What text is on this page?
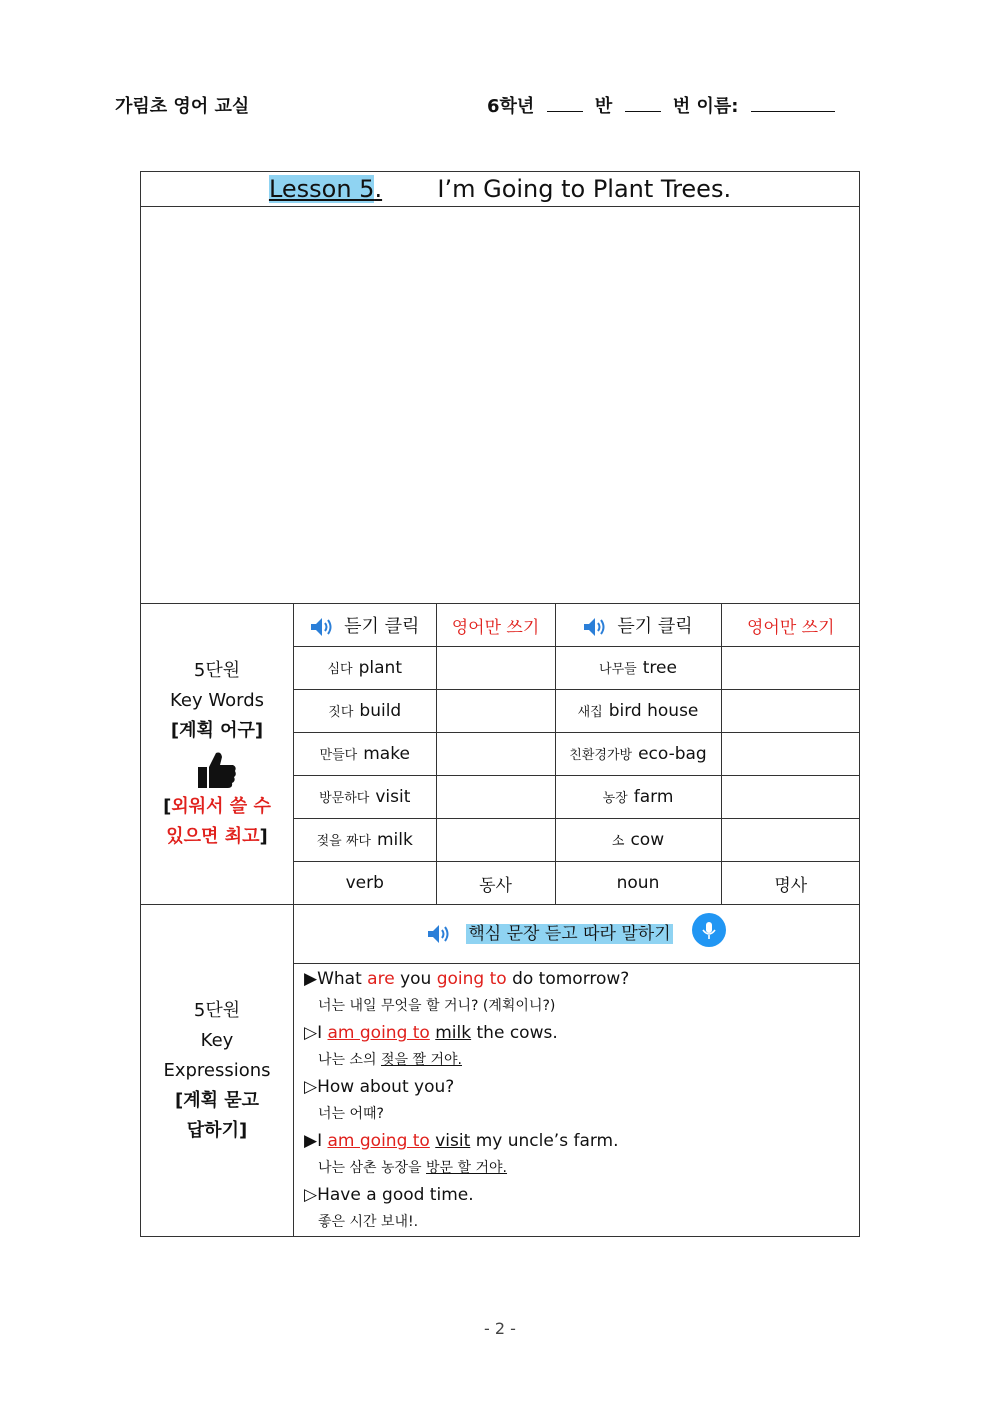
가림초 영어 교실	6학년	반	번 이름:
Lesson 5. I’m Going to Plant Trees.

5단원
Key Words
[계획 어구]
[외워서 쓸 수
있으면 최고]

듣기 클릭	영어만 쓰기	듣기 클릭	영어만 쓰기
심다 plant		나무들 tree	
짓다 build		새집 bird house	
만들다 make		친환경가방 eco-bag	
방문하다 visit		농장 farm	
젖을 짜다 milk		소 cow	
verb	동사	noun	명사

5단원
Key
Expressions
[계획 묻고
답하기]

핵심 문장 듣고 따라 말하기
▶What are you going to do tomorrow?
너는 내일 무엇을 할 거니? (계획이니?)
▷I am going to milk the cows.
나는 소의 젖을 짤 거야.
▷How about you?
너는 어때?
▶I am going to visit my uncle’s farm.
나는 삼촌 농장을 방문 할 거야.
▷Have a good time.
좋은 시간 보내!.
- 2 -
